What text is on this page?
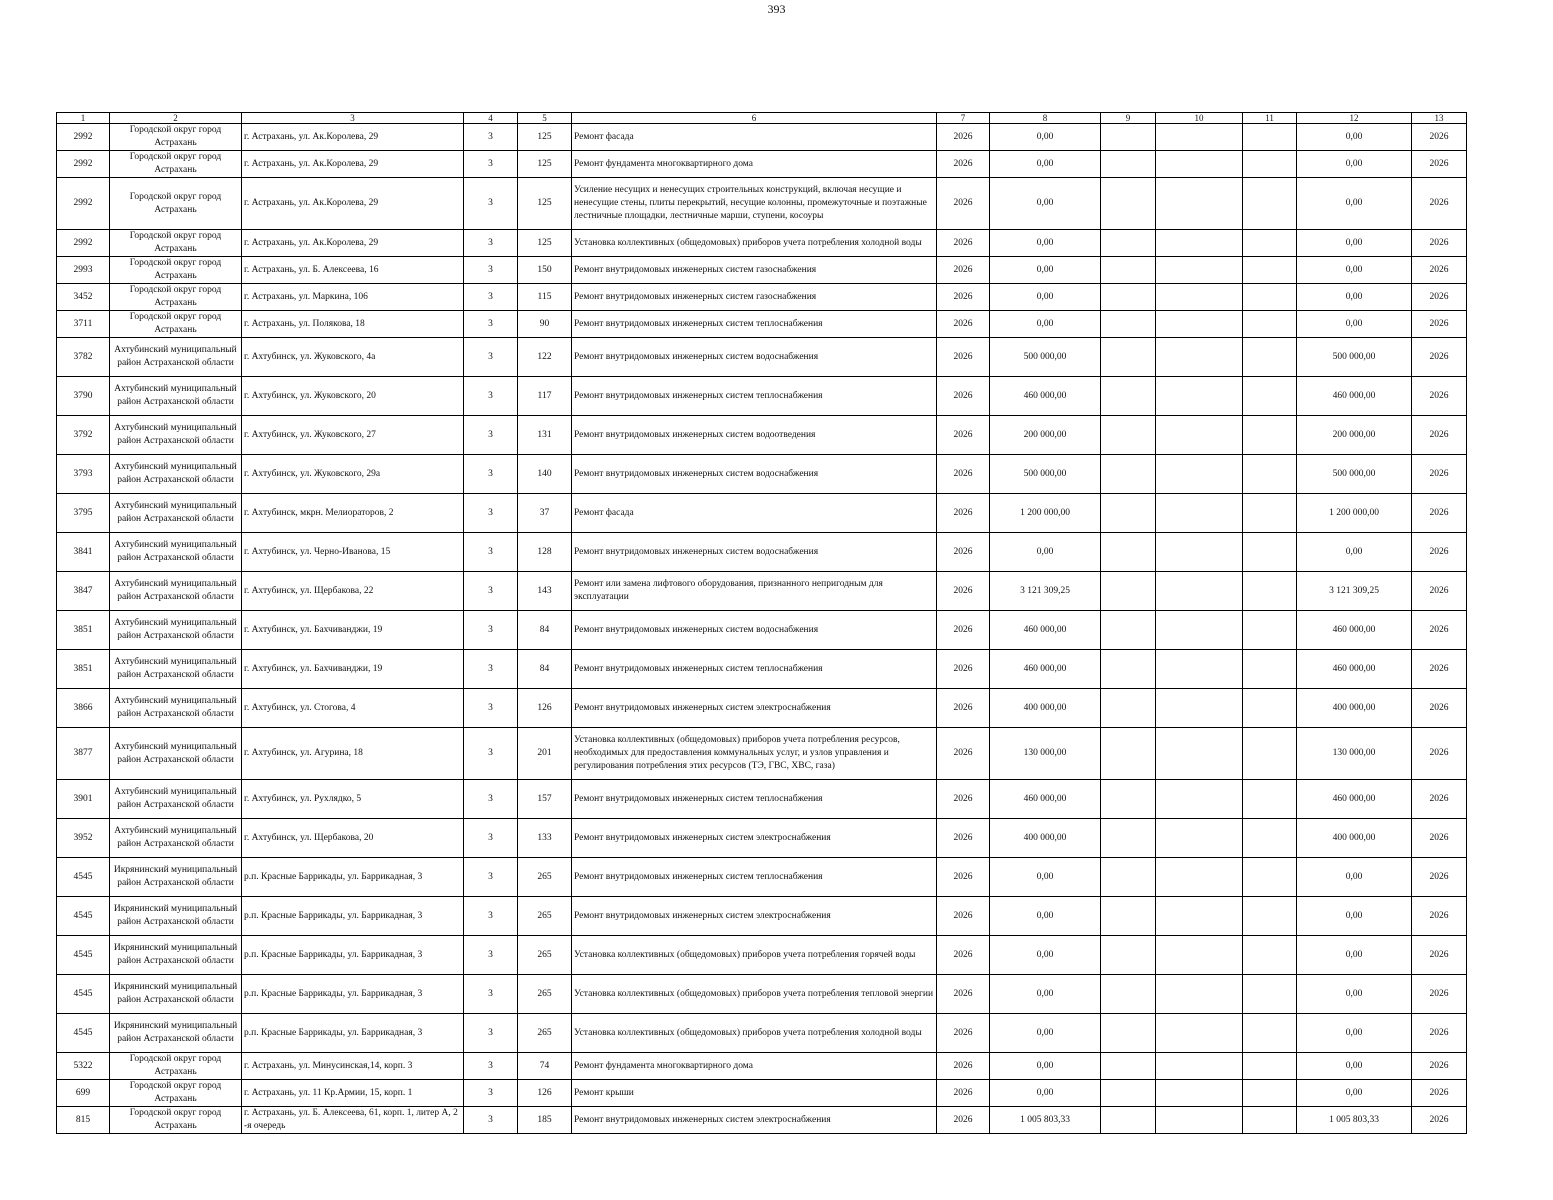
393
1	2	3	4	5	6	7	8	9	10	11	12	13
2992	Городской округ город Астрахань	г. Астрахань, ул. Ак.Королева, 29	3	125	Ремонт фасада	2026	0,00				0,00	2026
2992	Городской округ город Астрахань	г. Астрахань, ул. Ак.Королева, 29	3	125	Ремонт фундамента многоквартирного дома	2026	0,00				0,00	2026
2992	Городской округ город Астрахань	г. Астрахань, ул. Ак.Королева, 29	3	125	Усиление несущих и ненесущих строительных конструкций, включая несущие и ненесущие стены, плиты перекрытий, несущие колонны, промежуточные и поэтажные лестничные площадки, лестничные марши, ступени, косоуры	2026	0,00				0,00	2026
2992	Городской округ город Астрахань	г. Астрахань, ул. Ак.Королева, 29	3	125	Установка коллективных (общедомовых) приборов учета потребления холодной воды	2026	0,00				0,00	2026
2993	Городской округ город Астрахань	г. Астрахань, ул. Б. Алексеева, 16	3	150	Ремонт внутридомовых инженерных систем газоснабжения	2026	0,00				0,00	2026
3452	Городской округ город Астрахань	г. Астрахань, ул. Маркина, 106	3	115	Ремонт внутридомовых инженерных систем газоснабжения	2026	0,00				0,00	2026
3711	Городской округ город Астрахань	г. Астрахань, ул. Полякова, 18	3	90	Ремонт внутридомовых инженерных систем теплоснабжения	2026	0,00				0,00	2026
3782	Ахтубинский муниципальный район Астраханской области	г. Ахтубинск, ул. Жуковского, 4а	3	122	Ремонт внутридомовых инженерных систем водоснабжения	2026	500 000,00				500 000,00	2026
3790	Ахтубинский муниципальный район Астраханской области	г. Ахтубинск, ул. Жуковского, 20	3	117	Ремонт внутридомовых инженерных систем теплоснабжения	2026	460 000,00				460 000,00	2026
3792	Ахтубинский муниципальный район Астраханской области	г. Ахтубинск, ул. Жуковского, 27	3	131	Ремонт внутридомовых инженерных систем водоотведения	2026	200 000,00				200 000,00	2026
3793	Ахтубинский муниципальный район Астраханской области	г. Ахтубинск, ул. Жуковского, 29а	3	140	Ремонт внутридомовых инженерных систем водоснабжения	2026	500 000,00				500 000,00	2026
3795	Ахтубинский муниципальный район Астраханской области	г. Ахтубинск, мкрн. Мелиораторов, 2	3	37	Ремонт фасада	2026	1 200 000,00				1 200 000,00	2026
3841	Ахтубинский муниципальный район Астраханской области	г. Ахтубинск, ул. Черно-Иванова, 15	3	128	Ремонт внутридомовых инженерных систем водоснабжения	2026	0,00				0,00	2026
3847	Ахтубинский муниципальный район Астраханской области	г. Ахтубинск, ул. Щербакова, 22	3	143	Ремонт или замена лифтового оборудования, признанного непригодным для эксплуатации	2026	3 121 309,25				3 121 309,25	2026
3851	Ахтубинский муниципальный район Астраханской области	г. Ахтубинск, ул. Бахчиванджи, 19	3	84	Ремонт внутридомовых инженерных систем водоснабжения	2026	460 000,00				460 000,00	2026
3851	Ахтубинский муниципальный район Астраханской области	г. Ахтубинск, ул. Бахчиванджи, 19	3	84	Ремонт внутридомовых инженерных систем теплоснабжения	2026	460 000,00				460 000,00	2026
3866	Ахтубинский муниципальный район Астраханской области	г. Ахтубинск, ул. Стогова, 4	3	126	Ремонт внутридомовых инженерных систем электроснабжения	2026	400 000,00				400 000,00	2026
3877	Ахтубинский муниципальный район Астраханской области	г. Ахтубинск, ул. Агурина, 18	3	201	Установка коллективных (общедомовых) приборов учета потребления ресурсов, необходимых для предоставления коммунальных услуг, и узлов управления и регулирования потребления этих ресурсов (ТЭ, ГВС, ХВС, газа)	2026	130 000,00				130 000,00	2026
3901	Ахтубинский муниципальный район Астраханской области	г. Ахтубинск, ул. Рухлядко, 5	3	157	Ремонт внутридомовых инженерных систем теплоснабжения	2026	460 000,00				460 000,00	2026
3952	Ахтубинский муниципальный район Астраханской области	г. Ахтубинск, ул. Щербакова, 20	3	133	Ремонт внутридомовых инженерных систем электроснабжения	2026	400 000,00				400 000,00	2026
4545	Икрянинский муниципальный район Астраханской области	р.п. Красные Баррикады, ул. Баррикадная, 3	3	265	Ремонт внутридомовых инженерных систем теплоснабжения	2026	0,00				0,00	2026
4545	Икрянинский муниципальный район Астраханской области	р.п. Красные Баррикады, ул. Баррикадная, 3	3	265	Ремонт внутридомовых инженерных систем электроснабжения	2026	0,00				0,00	2026
4545	Икрянинский муниципальный район Астраханской области	р.п. Красные Баррикады, ул. Баррикадная, 3	3	265	Установка коллективных (общедомовых) приборов учета потребления горячей воды	2026	0,00				0,00	2026
4545	Икрянинский муниципальный район Астраханской области	р.п. Красные Баррикады, ул. Баррикадная, 3	3	265	Установка коллективных (общедомовых) приборов учета потребления тепловой энергии	2026	0,00				0,00	2026
4545	Икрянинский муниципальный район Астраханской области	р.п. Красные Баррикады, ул. Баррикадная, 3	3	265	Установка коллективных (общедомовых) приборов учета потребления холодной воды	2026	0,00				0,00	2026
5322	Городской округ город Астрахань	г. Астрахань, ул. Минусинская,14, корп. 3	3	74	Ремонт фундамента многоквартирного дома	2026	0,00				0,00	2026
699	Городской округ город Астрахань	г. Астрахань, ул. 11 Кр.Армии, 15, корп. 1	3	126	Ремонт крыши	2026	0,00				0,00	2026
815	Городской округ город Астрахань	г. Астрахань, ул. Б. Алексеева, 61, корп. 1, литер А, 2 -я очередь	3	185	Ремонт внутридомовых инженерных систем электроснабжения	2026	1 005 803,33				1 005 803,33	2026
